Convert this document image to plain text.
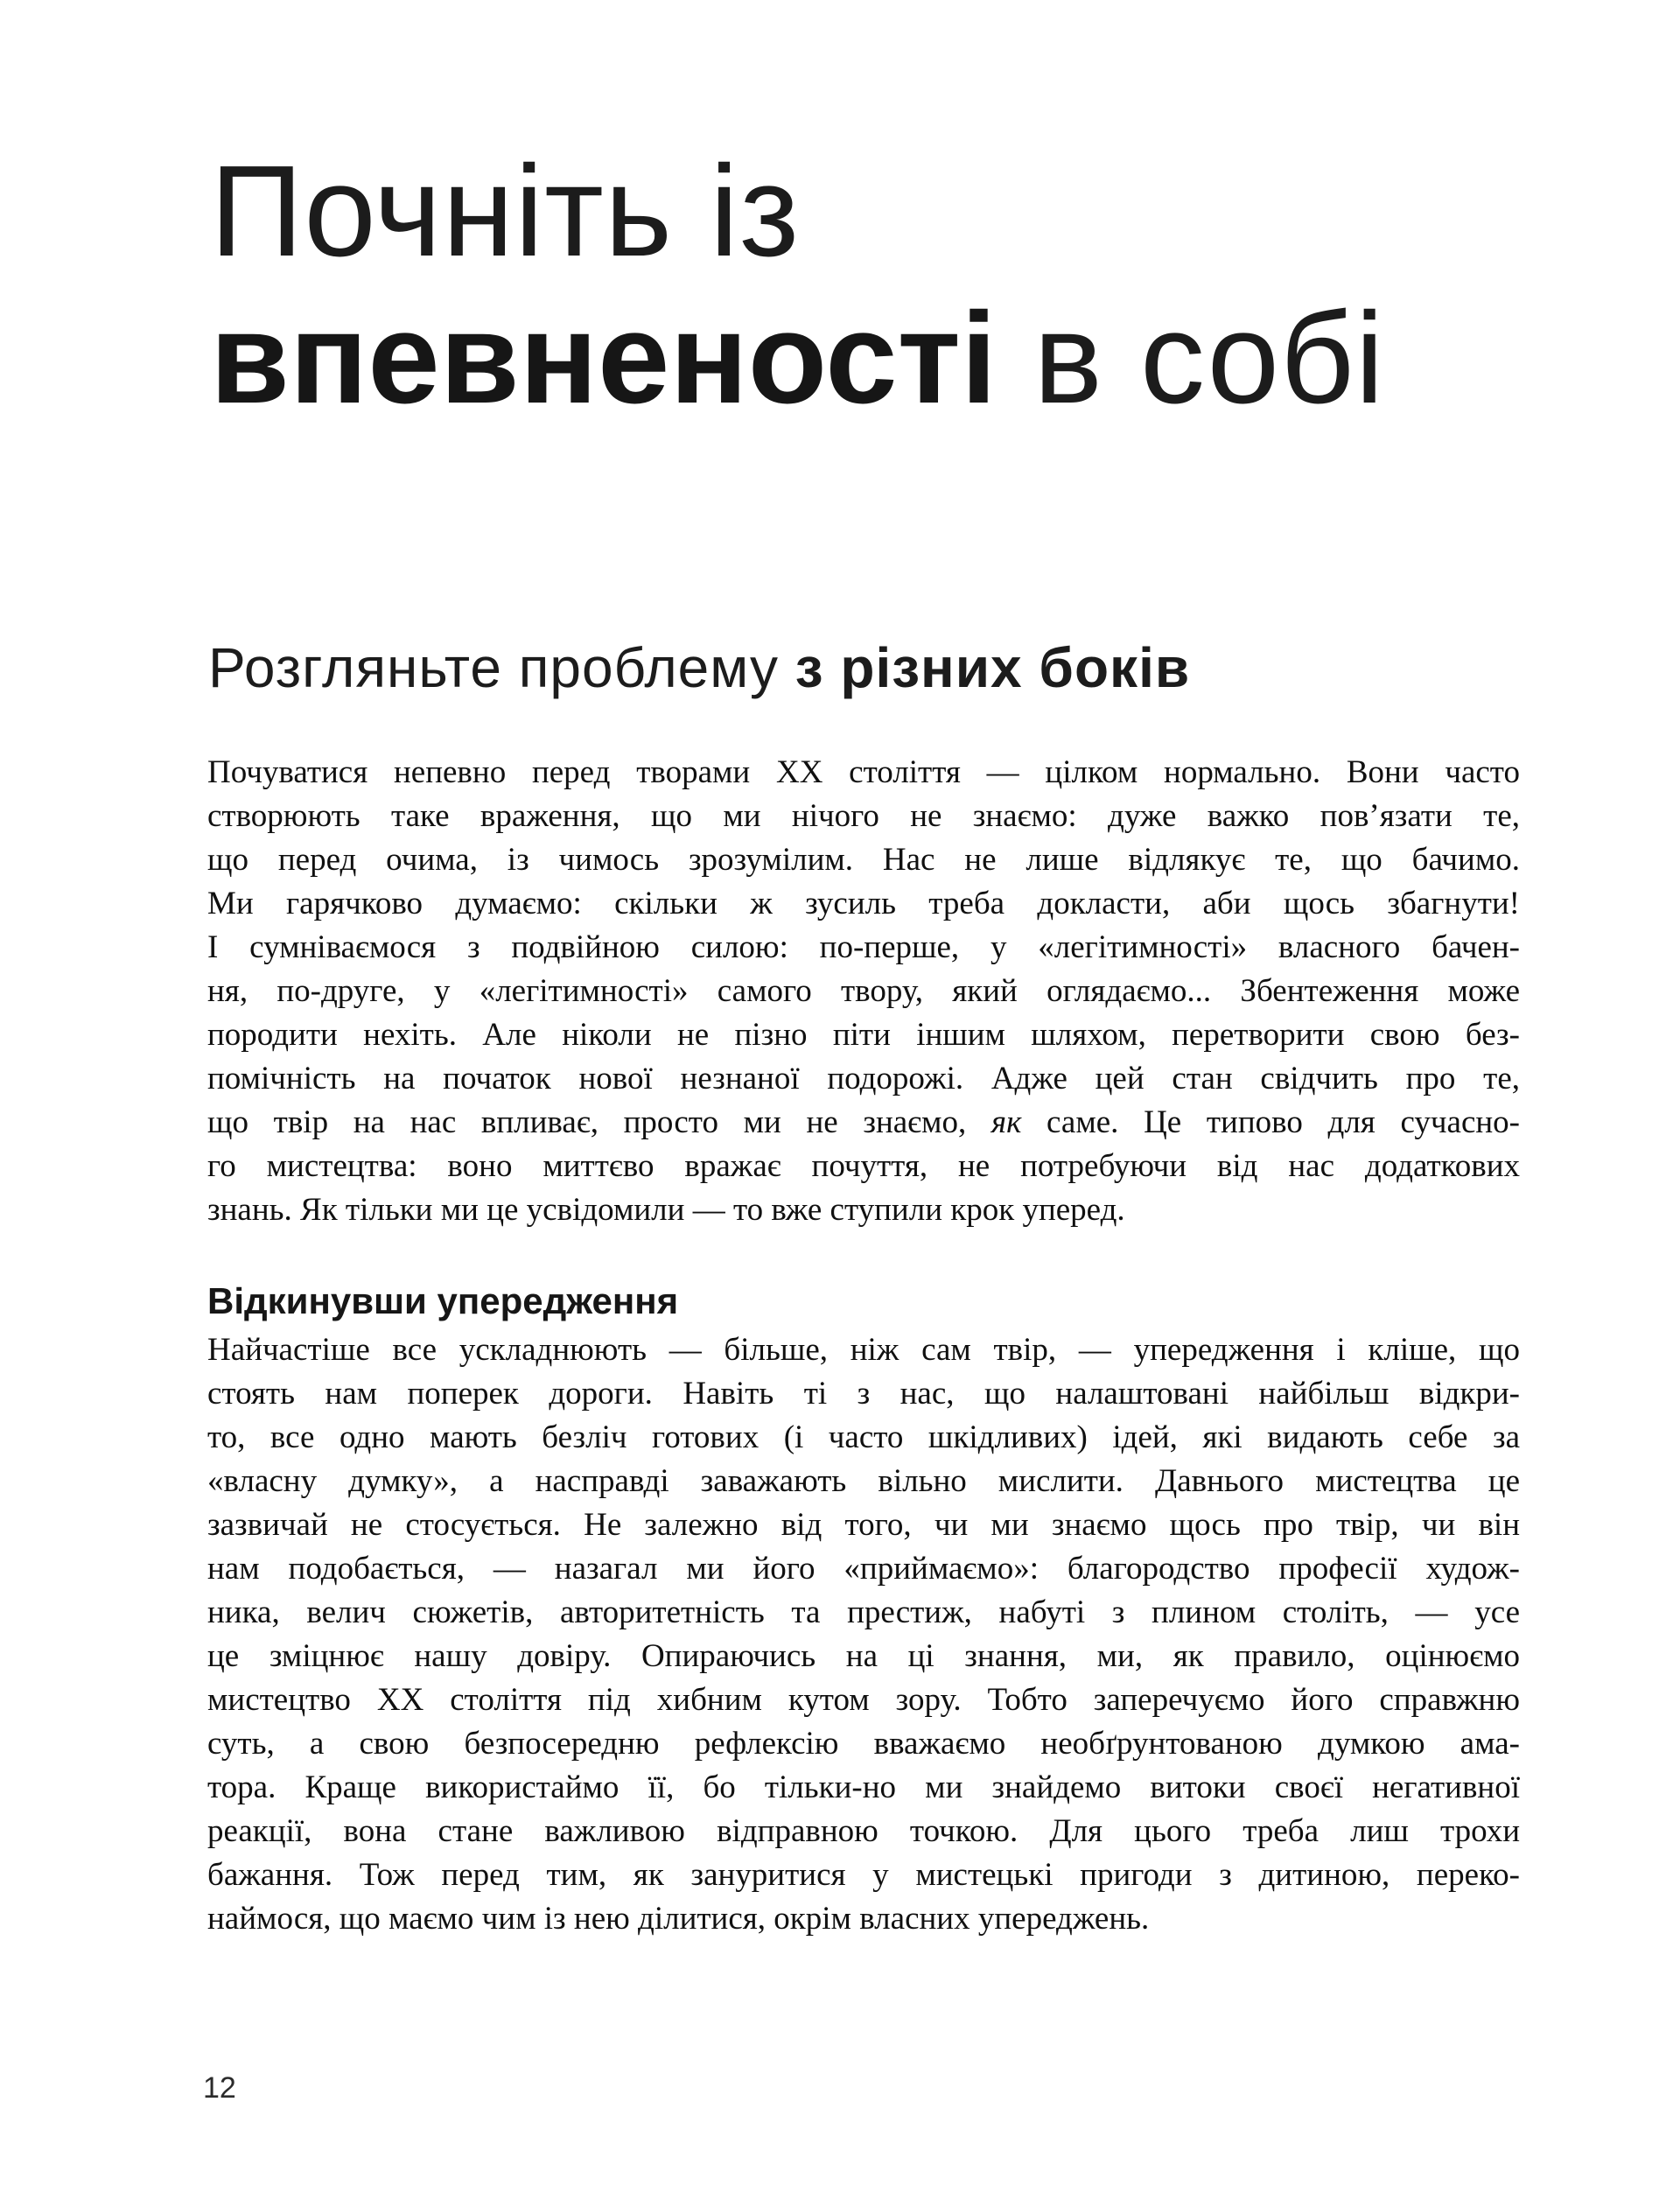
Почніть із
впевненості в собі
Розгляньте проблему з різних боків
Почуватися непевно перед творами XX століття — цілком нормально. Вони часто
створюють таке враження, що ми нічого не знаємо: дуже важко пов’язати те,
що перед очима, із чимось зрозумілим. Нас не лише відлякує те, що бачимо.
Ми гарячково думаємо: скільки ж зусиль треба докласти, аби щось збагнути!
І сумніваємося з подвійною силою: по-перше, у «легітимності» власного бачен-
ня, по-друге, у «легітимності» самого твору, який оглядаємо... Збентеження може
породити нехіть. Але ніколи не пізно піти іншим шляхом, перетворити свою без-
помічність на початок нової незнаної подорожі. Адже цей стан свідчить про те,
що твір на нас впливає, просто ми не знаємо, як саме. Це типово для сучасно-
го мистецтва: воно миттєво вражає почуття, не потребуючи від нас додаткових
знань. Як тільки ми це усвідомили — то вже ступили крок уперед.
Відкинувши упередження
Найчастіше все ускладнюють — більше, ніж сам твір, — упередження і кліше, що
стоять нам поперек дороги. Навіть ті з нас, що налаштовані найбільш відкри-
то, все одно мають безліч готових (і часто шкідливих) ідей, які видають себе за
«власну думку», а насправді заважають вільно мислити. Давнього мистецтва це
зазвичай не стосується. Не залежно від того, чи ми знаємо щось про твір, чи він
нам подобається, — назагал ми його «приймаємо»: благородство професії худож-
ника, велич сюжетів, авторитетність та престиж, набуті з плином століть, — усе
це зміцнює нашу довіру. Опираючись на ці знання, ми, як правило, оцінюємо
мистецтво XX століття під хибним кутом зору. Тобто заперечуємо його справжню
суть, а свою безпосередню рефлексію вважаємо необґрунтованою думкою ама-
тора. Краще використаймо її, бо тільки-но ми знайдемо витоки своєї негативної
реакції, вона стане важливою відправною точкою. Для цього треба лиш трохи
бажання. Тож перед тим, як зануритися у мистецькі пригоди з дитиною, переко-
наймося, що маємо чим із нею ділитися, окрім власних упереджень.
12
